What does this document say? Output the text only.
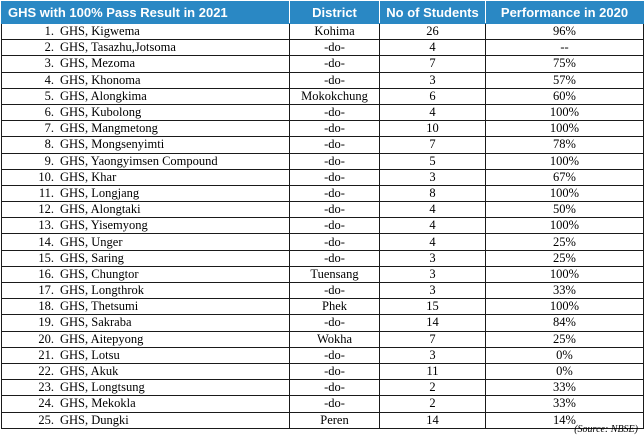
GHS with 100% Pass Result in 2021	District	No of Students	Performance in 2020
1. GHS, Kigwema	Kohima	26	96%
2. GHS, Tasazhu,Jotsoma	-do-	4	--
3. GHS, Mezoma	-do-	7	75%
4. GHS, Khonoma	-do-	3	57%
5. GHS, Alongkima	Mokokchung	6	60%
6. GHS, Kubolong	-do-	4	100%
7. GHS, Mangmetong	-do-	10	100%
8. GHS, Mongsenyimti	-do-	7	78%
9. GHS, Yaongyimsen Compound	-do-	5	100%
10. GHS, Khar	-do-	3	67%
11. GHS, Longjang	-do-	8	100%
12. GHS, Alongtaki	-do-	4	50%
13. GHS, Yisemyong	-do-	4	100%
14. GHS, Unger	-do-	4	25%
15. GHS, Saring	-do-	3	25%
16. GHS, Chungtor	Tuensang	3	100%
17. GHS, Longthrok	-do-	3	33%
18. GHS, Thetsumi	Phek	15	100%
19. GHS, Sakraba	-do-	14	84%
20. GHS, Aitepyong	Wokha	7	25%
21. GHS, Lotsu	-do-	3	0%
22. GHS, Akuk	-do-	11	0%
23. GHS, Longtsung	-do-	2	33%
24. GHS, Mekokla	-do-	2	33%
25. GHS, Dungki	Peren	14	14%
(Source: NBSE)
